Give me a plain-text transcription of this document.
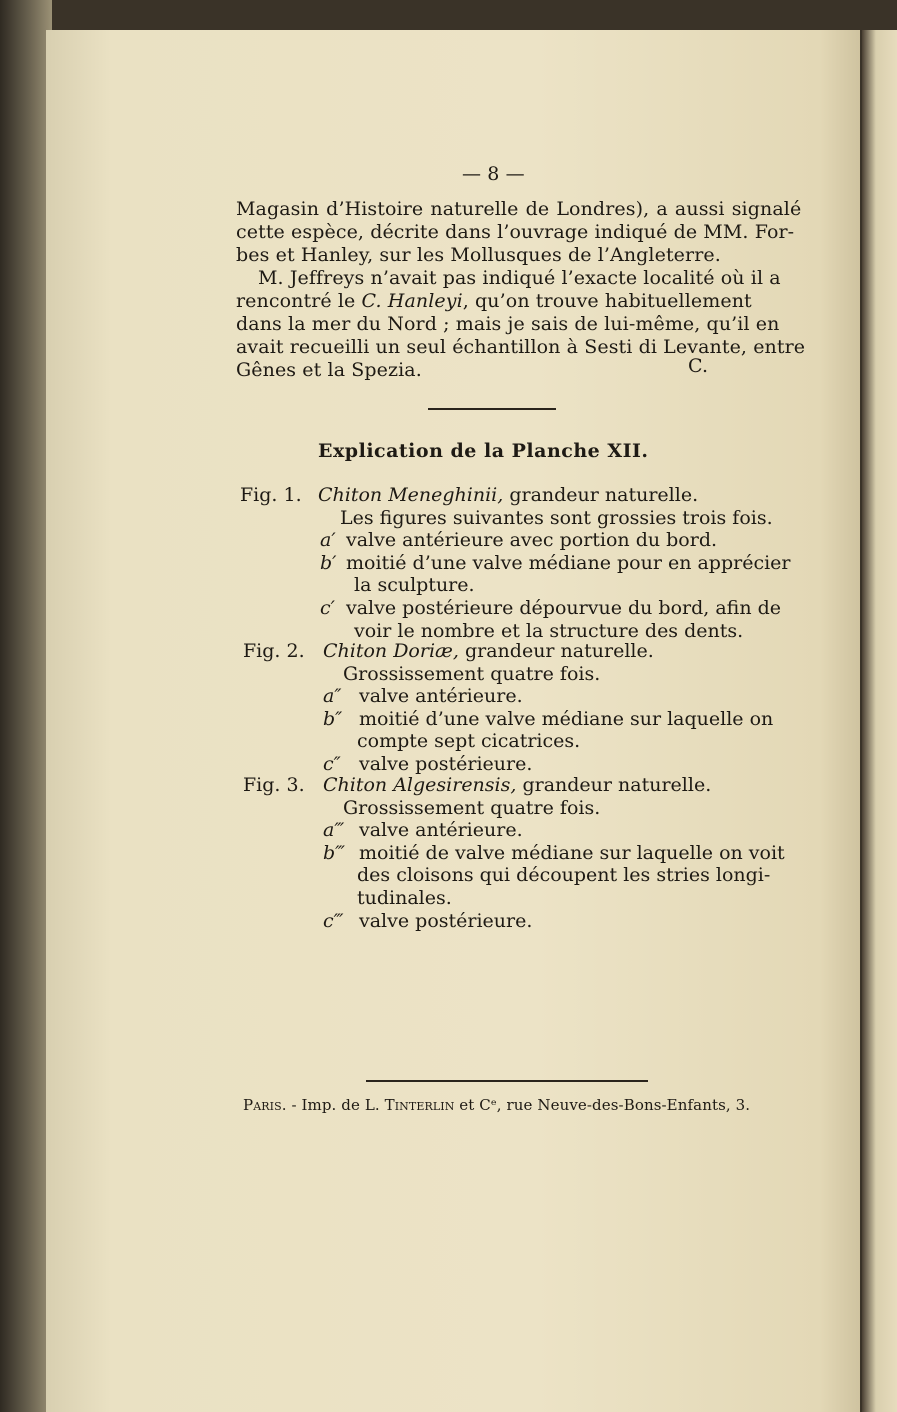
— 8 —
Magasin d’Histoire naturelle de Londres), a aussi signalé
cette espèce, décrite dans l’ouvrage indiqué de MM. For-
bes et Hanley, sur les Mollusques de l’Angleterre.
M. Jeffreys n’avait pas indiqué l’exacte localité où il a
rencontré le C. Hanleyi, qu’on trouve habituellement
dans la mer du Nord ; mais je sais de lui-même, qu’il en
avait recueilli un seul échantillon à Sesti di Levante, entre
Gênes et la Spezia.	C.
Explication de la Planche XII.
Fig. 1. Chiton Meneghinii, grandeur naturelle.
Les figures suivantes sont grossies trois fois.
a′ valve antérieure avec portion du bord.
b′ moitié d’une valve médiane pour en apprécier
la sculpture.
c′ valve postérieure dépourvue du bord, afin de
voir le nombre et la structure des dents.
Fig. 2. Chiton Doriæ, grandeur naturelle.
Grossissement quatre fois.
a″ valve antérieure.
b″ moitié d’une valve médiane sur laquelle on
compte sept cicatrices.
c″ valve postérieure.
Fig. 3. Chiton Algesirensis, grandeur naturelle.
Grossissement quatre fois.
a‴ valve antérieure.
b‴ moitié de valve médiane sur laquelle on voit
des cloisons qui découpent les stries longi-
tudinales.
c‴ valve postérieure.
Paris. - Imp. de L. Tinterlin et Cᵉ, rue Neuve-des-Bons-Enfants, 3.
